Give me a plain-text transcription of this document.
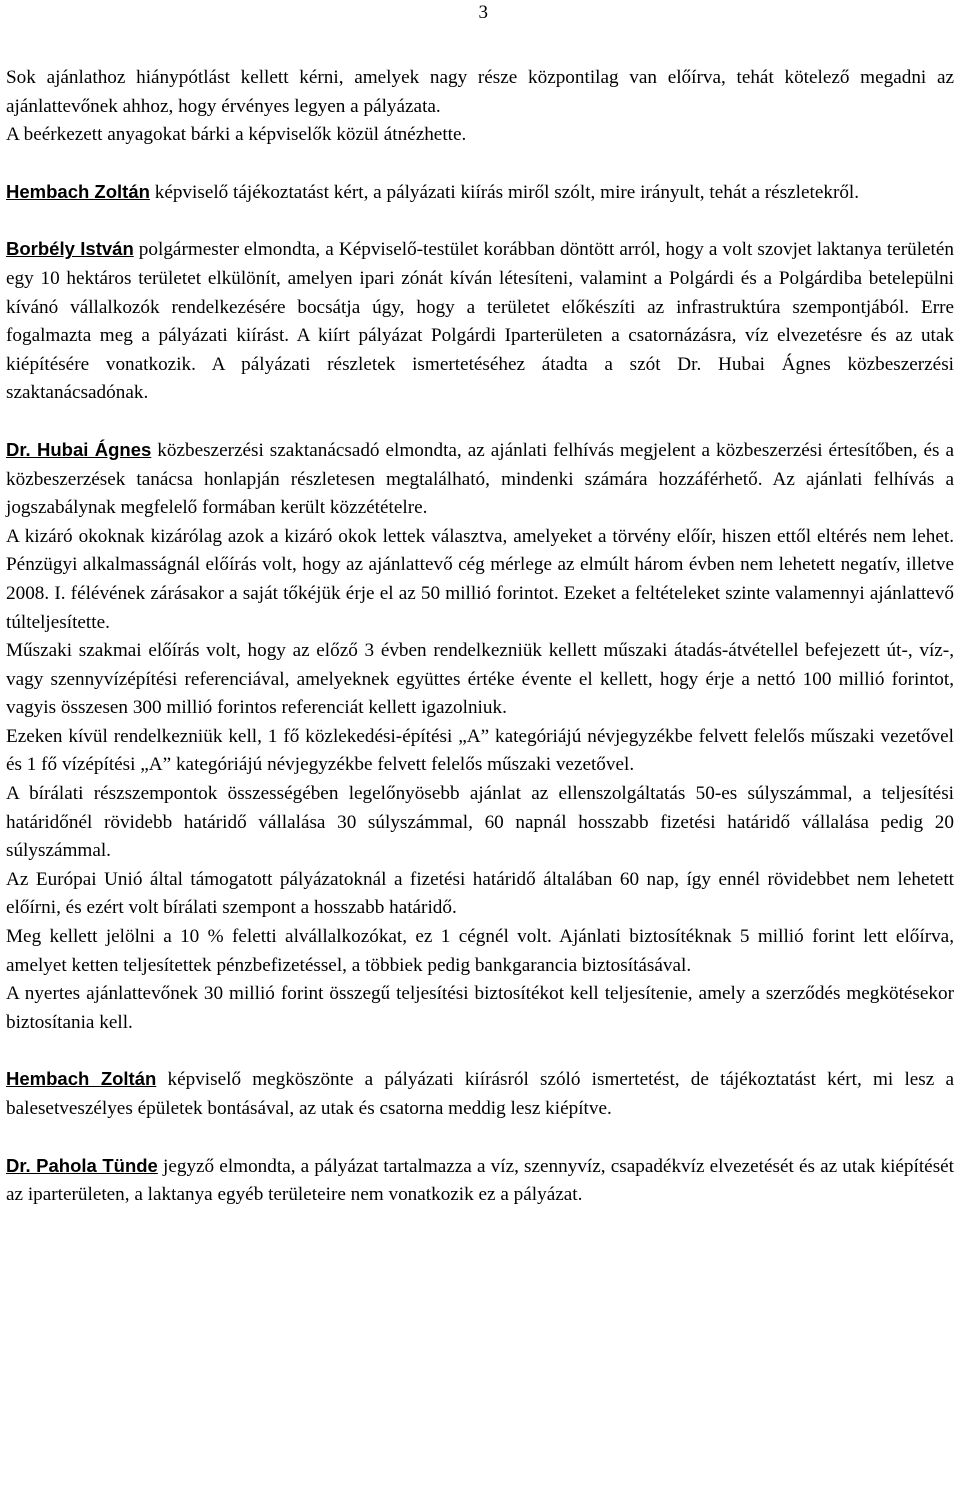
3

Sok ajánlathoz hiánypótlást kellett kérni, amelyek nagy része központilag van előírva, tehát kötelező megadni az ajánlattevőnek ahhoz, hogy érvényes legyen a pályázata.

A beérkezett anyagokat bárki a képviselők közül átnézhette.

Hembach Zoltán képviselő tájékoztatást kért, a pályázati kiírás miről szólt, mire irányult, tehát a részletekről.

Borbély István polgármester elmondta, a Képviselő-testület korábban döntött arról, hogy a volt szovjet laktanya területén egy 10 hektáros területet elkülönít, amelyen ipari zónát kíván létesíteni, valamint a Polgárdi és a Polgárdiba betelepülni kívánó vállalkozók rendelkezésére bocsátja úgy, hogy a területet előkészíti az infrastruktúra szempontjából. Erre fogalmazta meg a pályázati kiírást. A kiírt pályázat Polgárdi Iparterületen a csatornázásra, víz elvezetésre és az utak kiépítésére vonatkozik. A pályázati részletek ismertetéséhez átadta a szót Dr. Hubai Ágnes közbeszerzési szaktanácsadónak.

Dr. Hubai Ágnes közbeszerzési szaktanácsadó elmondta, az ajánlati felhívás megjelent a közbeszerzési értesítőben, és a közbeszerzések tanácsa honlapján részletesen megtalálható, mindenki számára hozzáférhető. Az ajánlati felhívás a jogszabálynak megfelelő formában került közzétételre.

A kizáró okoknak kizárólag azok a kizáró okok lettek választva, amelyeket a törvény előír, hiszen ettől eltérés nem lehet. Pénzügyi alkalmasságnál előírás volt, hogy az ajánlattevő cég mérlege az elmúlt három évben nem lehetett negatív, illetve 2008. I. félévének zárásakor a saját tőkéjük érje el az 50 millió forintot. Ezeket a feltételeket szinte valamennyi ajánlattevő túlteljesítette.

Műszaki szakmai előírás volt, hogy az előző 3 évben rendelkezniük kellett műszaki átadás-átvétellel befejezett út-, víz-, vagy szennyvízépítési referenciával, amelyeknek együttes értéke évente el kellett, hogy érje a nettó 100 millió forintot, vagyis összesen 300 millió forintos referenciát kellett igazolniuk.

Ezeken kívül rendelkezniük kell, 1 fő közlekedési-építési „A” kategóriájú névjegyzékbe felvett felelős műszaki vezetővel és 1 fő vízépítési „A” kategóriájú névjegyzékbe felvett felelős műszaki vezetővel.

A bírálati részszempontok összességében legelőnyösebb ajánlat az ellenszolgáltatás 50-es súlyszámmal, a teljesítési határidőnél rövidebb határidő vállalása 30 súlyszámmal, 60 napnál hosszabb fizetési határidő vállalása pedig 20 súlyszámmal.

Az Európai Unió által támogatott pályázatoknál a fizetési határidő általában 60 nap, így ennél rövidebbet nem lehetett előírni, és ezért volt bírálati szempont a hosszabb határidő.

Meg kellett jelölni a 10 % feletti alvállalkozókat, ez 1 cégnél volt. Ajánlati biztosítéknak 5 millió forint lett előírva, amelyet ketten teljesítettek pénzbefizetéssel, a többiek pedig bankgarancia biztosításával.

A nyertes ajánlattevőnek 30 millió forint összegű teljesítési biztosítékot kell teljesítenie, amely a szerződés megkötésekor biztosítania kell.

Hembach Zoltán képviselő megköszönte a pályázati kiírásról szóló ismertetést, de tájékoztatást kért, mi lesz a balesetveszélyes épületek bontásával, az utak és csatorna meddig lesz kiépítve.

Dr. Pahola Tünde jegyző elmondta, a pályázat tartalmazza a víz, szennyvíz, csapadékvíz elvezetését és az utak kiépítését az iparterületen, a laktanya egyéb területeire nem vonatkozik ez a pályázat.
